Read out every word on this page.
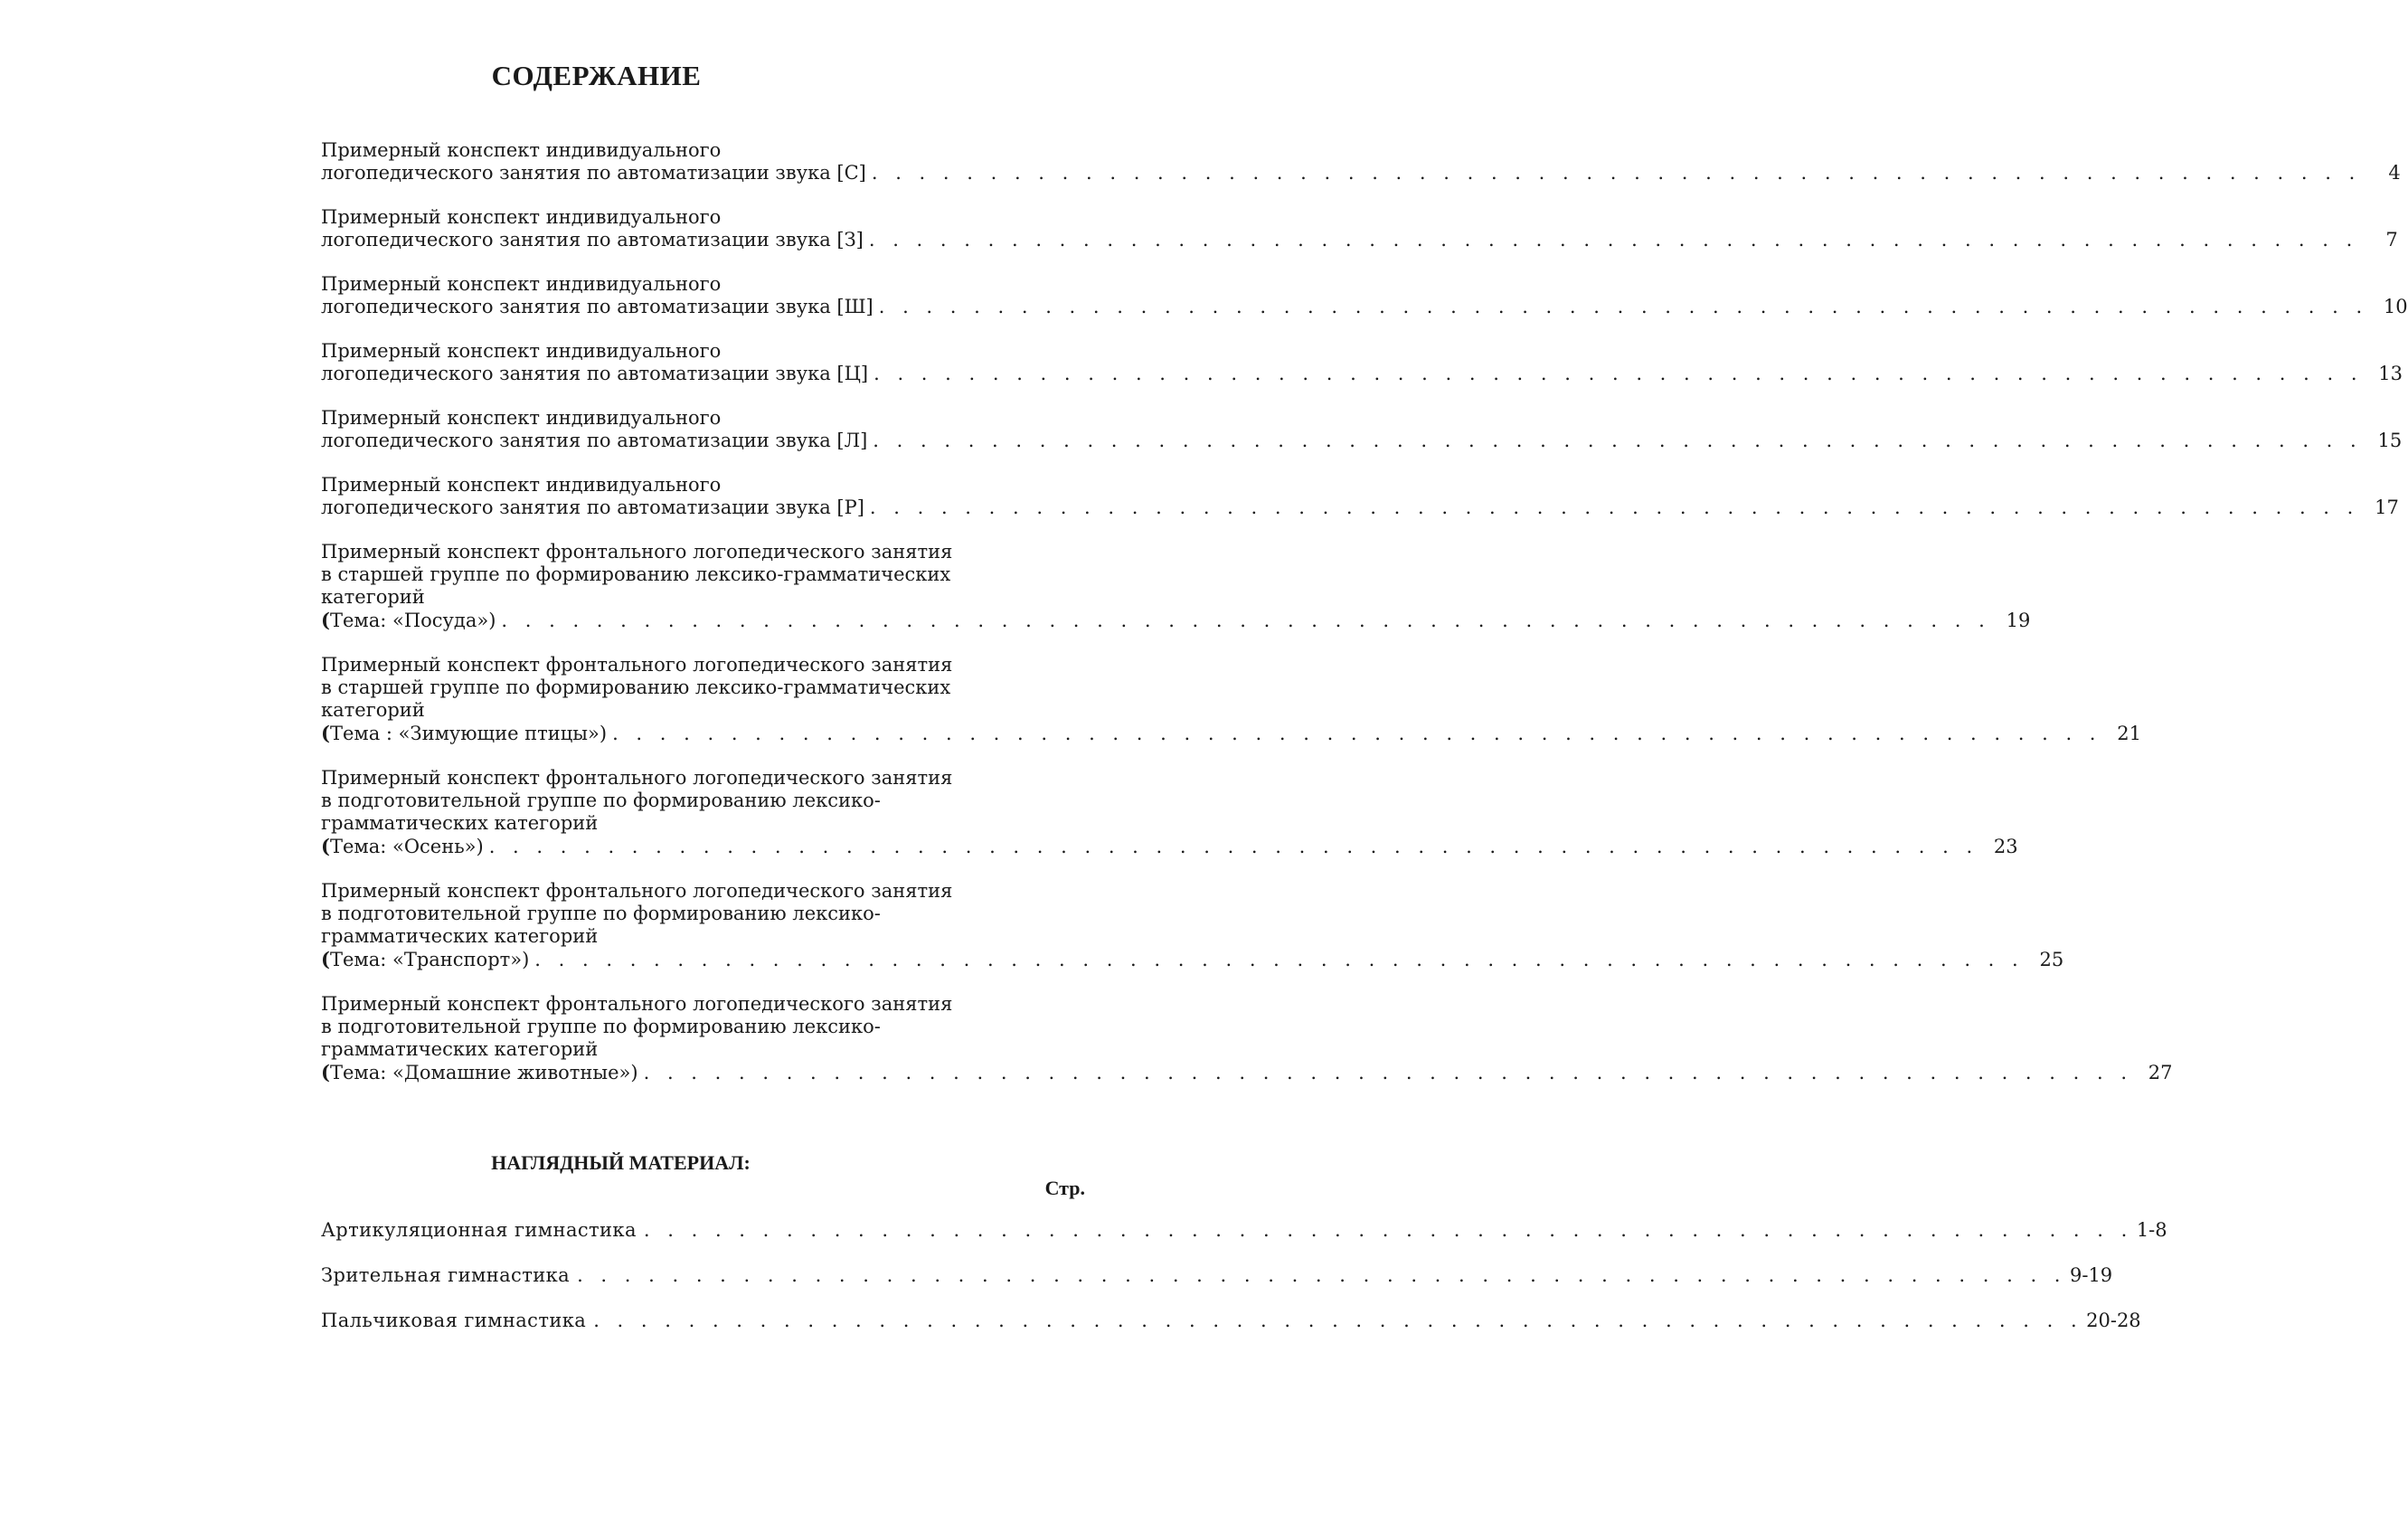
СОДЕРЖАНИЕ
Примерный конспект индивидуального
логопедического занятия по автоматизации звука [С] . . . . . . . . . . . . . . . . . . . . . . . . . . . . . . . . . . . . . . . . . . . . . . . . . . . . . . . . . . . . . . .	4
Примерный конспект индивидуального
логопедического занятия по автоматизации звука [З] . . . . . . . . . . . . . . . . . . . . . . . . . . . . . . . . . . . . . . . . . . . . . . . . . . . . . . . . . . . . . . .	7
Примерный конспект индивидуального
логопедического занятия по автоматизации звука [Ш] . . . . . . . . . . . . . . . . . . . . . . . . . . . . . . . . . . . . . . . . . . . . . . . . . . . . . . . . . . . . . . . 10
Примерный конспект индивидуального
логопедического занятия по автоматизации звука [Ц] . . . . . . . . . . . . . . . . . . . . . . . . . . . . . . . . . . . . . . . . . . . . . . . . . . . . . . . . . . . . . . . 13
Примерный конспект индивидуального
логопедического занятия по автоматизации звука [Л] . . . . . . . . . . . . . . . . . . . . . . . . . . . . . . . . . . . . . . . . . . . . . . . . . . . . . . . . . . . . . . . 15
Примерный конспект индивидуального
логопедического занятия по автоматизации звука [Р] . . . . . . . . . . . . . . . . . . . . . . . . . . . . . . . . . . . . . . . . . . . . . . . . . . . . . . . . . . . . . . . 17
Примерный конспект фронтального логопедического занятия
в старшей группе по формированию лексико-грамматических
категорий
(Тема: «Посуда») . . . . . . . . . . . . . . . . . . . . . . . . . . . . . . . . . . . . . . . . . . . . . . . . . . . . . . . . . . . . . . . 19
Примерный конспект фронтального логопедического занятия
в старшей группе по формированию лексико-грамматических
категорий
(Тема : «Зимующие птицы») . . . . . . . . . . . . . . . . . . . . . . . . . . . . . . . . . . . . . . . . . . . . . . . . . . . . . . . . . . . . . . . 21
Примерный конспект фронтального логопедического занятия
в подготовительной группе по формированию лексико-
грамматических категорий
(Тема: «Осень») . . . . . . . . . . . . . . . . . . . . . . . . . . . . . . . . . . . . . . . . . . . . . . . . . . . . . . . . . . . . . . . 23
Примерный конспект фронтального логопедического занятия
в подготовительной группе по формированию лексико-
грамматических категорий
(Тема: «Транспорт») . . . . . . . . . . . . . . . . . . . . . . . . . . . . . . . . . . . . . . . . . . . . . . . . . . . . . . . . . . . . . . . 25
Примерный конспект фронтального логопедического занятия
в подготовительной группе по формированию лексико-
грамматических категорий
(Тема: «Домашние животные») . . . . . . . . . . . . . . . . . . . . . . . . . . . . . . . . . . . . . . . . . . . . . . . . . . . . . . . . . . . . . . . 27
НАГЛЯДНЫЙ МАТЕРИАЛ:
Стр.
Артикуляционная гимнастика . . . . . . . . . . . . . . . . . . . . . . . . . . . . . . . . . . . . . . . . . . . . . . . . . . . . . . . . . . . . . . . 1-8
Зрительная гимнастика . . . . . . . . . . . . . . . . . . . . . . . . . . . . . . . . . . . . . . . . . . . . . . . . . . . . . . . . . . . . . . . 9-19
Пальчиковая гимнастика . . . . . . . . . . . . . . . . . . . . . . . . . . . . . . . . . . . . . . . . . . . . . . . . . . . . . . . . . . . . . . . 20-28
